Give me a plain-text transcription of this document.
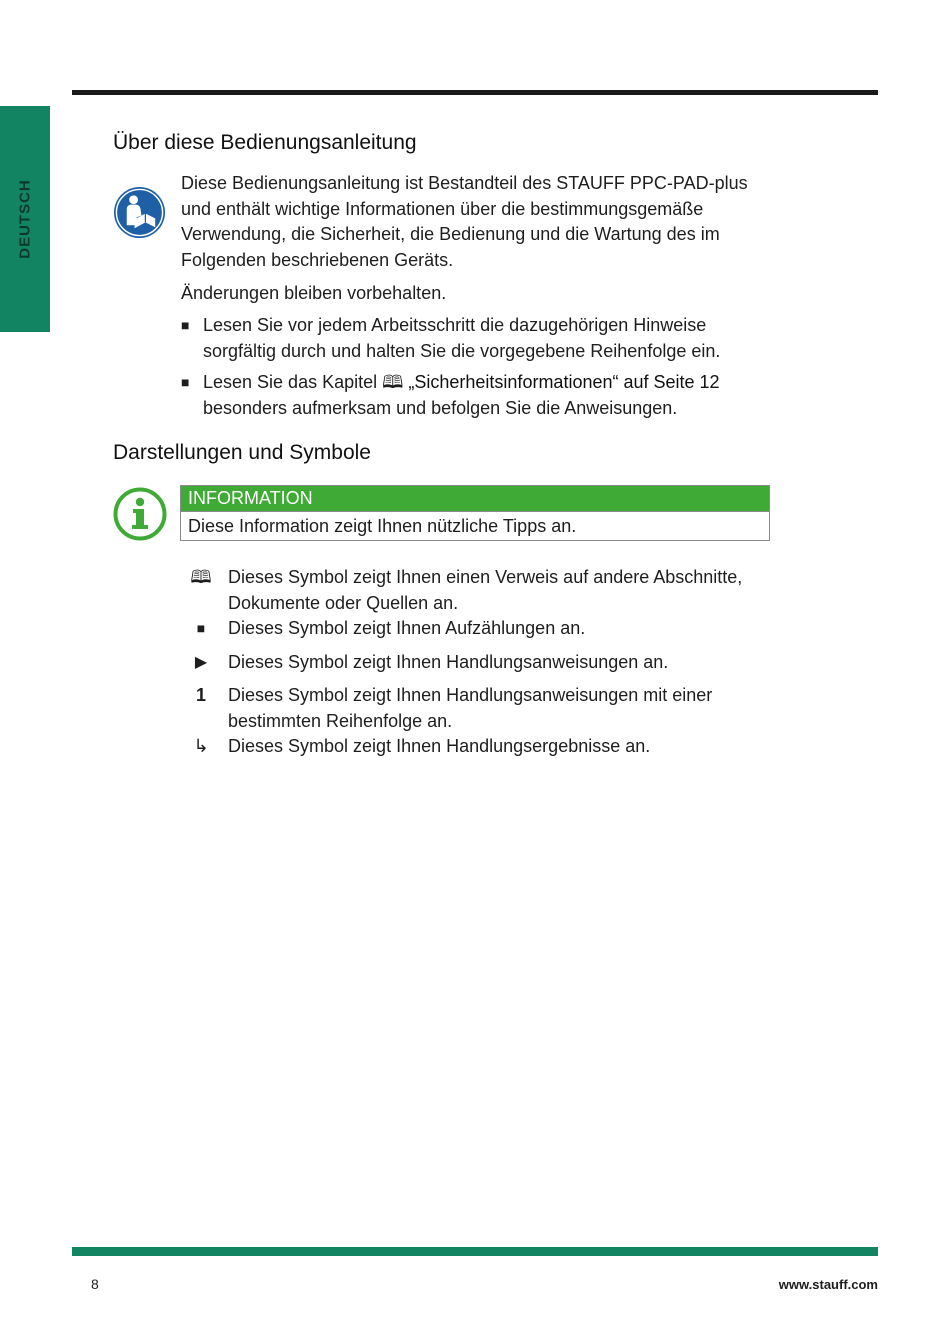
DEUTSCH
Über diese Bedienungsanleitung

Diese Bedienungsanleitung ist Bestandteil des STAUFF PPC-PAD-plus und enthält wichtige Informationen über die bestimmungsgemäße Verwendung, die Sicherheit, die Bedienung und die Wartung des im Folgenden beschriebenen Geräts.

Änderungen bleiben vorbehalten.

■ Lesen Sie vor jedem Arbeitsschritt die dazugehörigen Hinweise sorgfältig durch und halten Sie die vorgegebene Reihenfolge ein.
■ Lesen Sie das Kapitel 🕮 „Sicherheitsinformationen“ auf Seite 12 besonders aufmerksam und befolgen Sie die Anweisungen.
Darstellungen und Symbole
INFORMATION
Diese Information zeigt Ihnen nützliche Tipps an.
🕮 Dieses Symbol zeigt Ihnen einen Verweis auf andere Abschnitte, Dokumente oder Quellen an.
■	Dieses Symbol zeigt Ihnen Aufzählungen an.
▶	Dieses Symbol zeigt Ihnen Handlungsanweisungen an.
1	Dieses Symbol zeigt Ihnen Handlungsanweisungen mit einer bestimmten Reihenfolge an.
↳	Dieses Symbol zeigt Ihnen Handlungsergebnisse an.
8	www.stauff.com
